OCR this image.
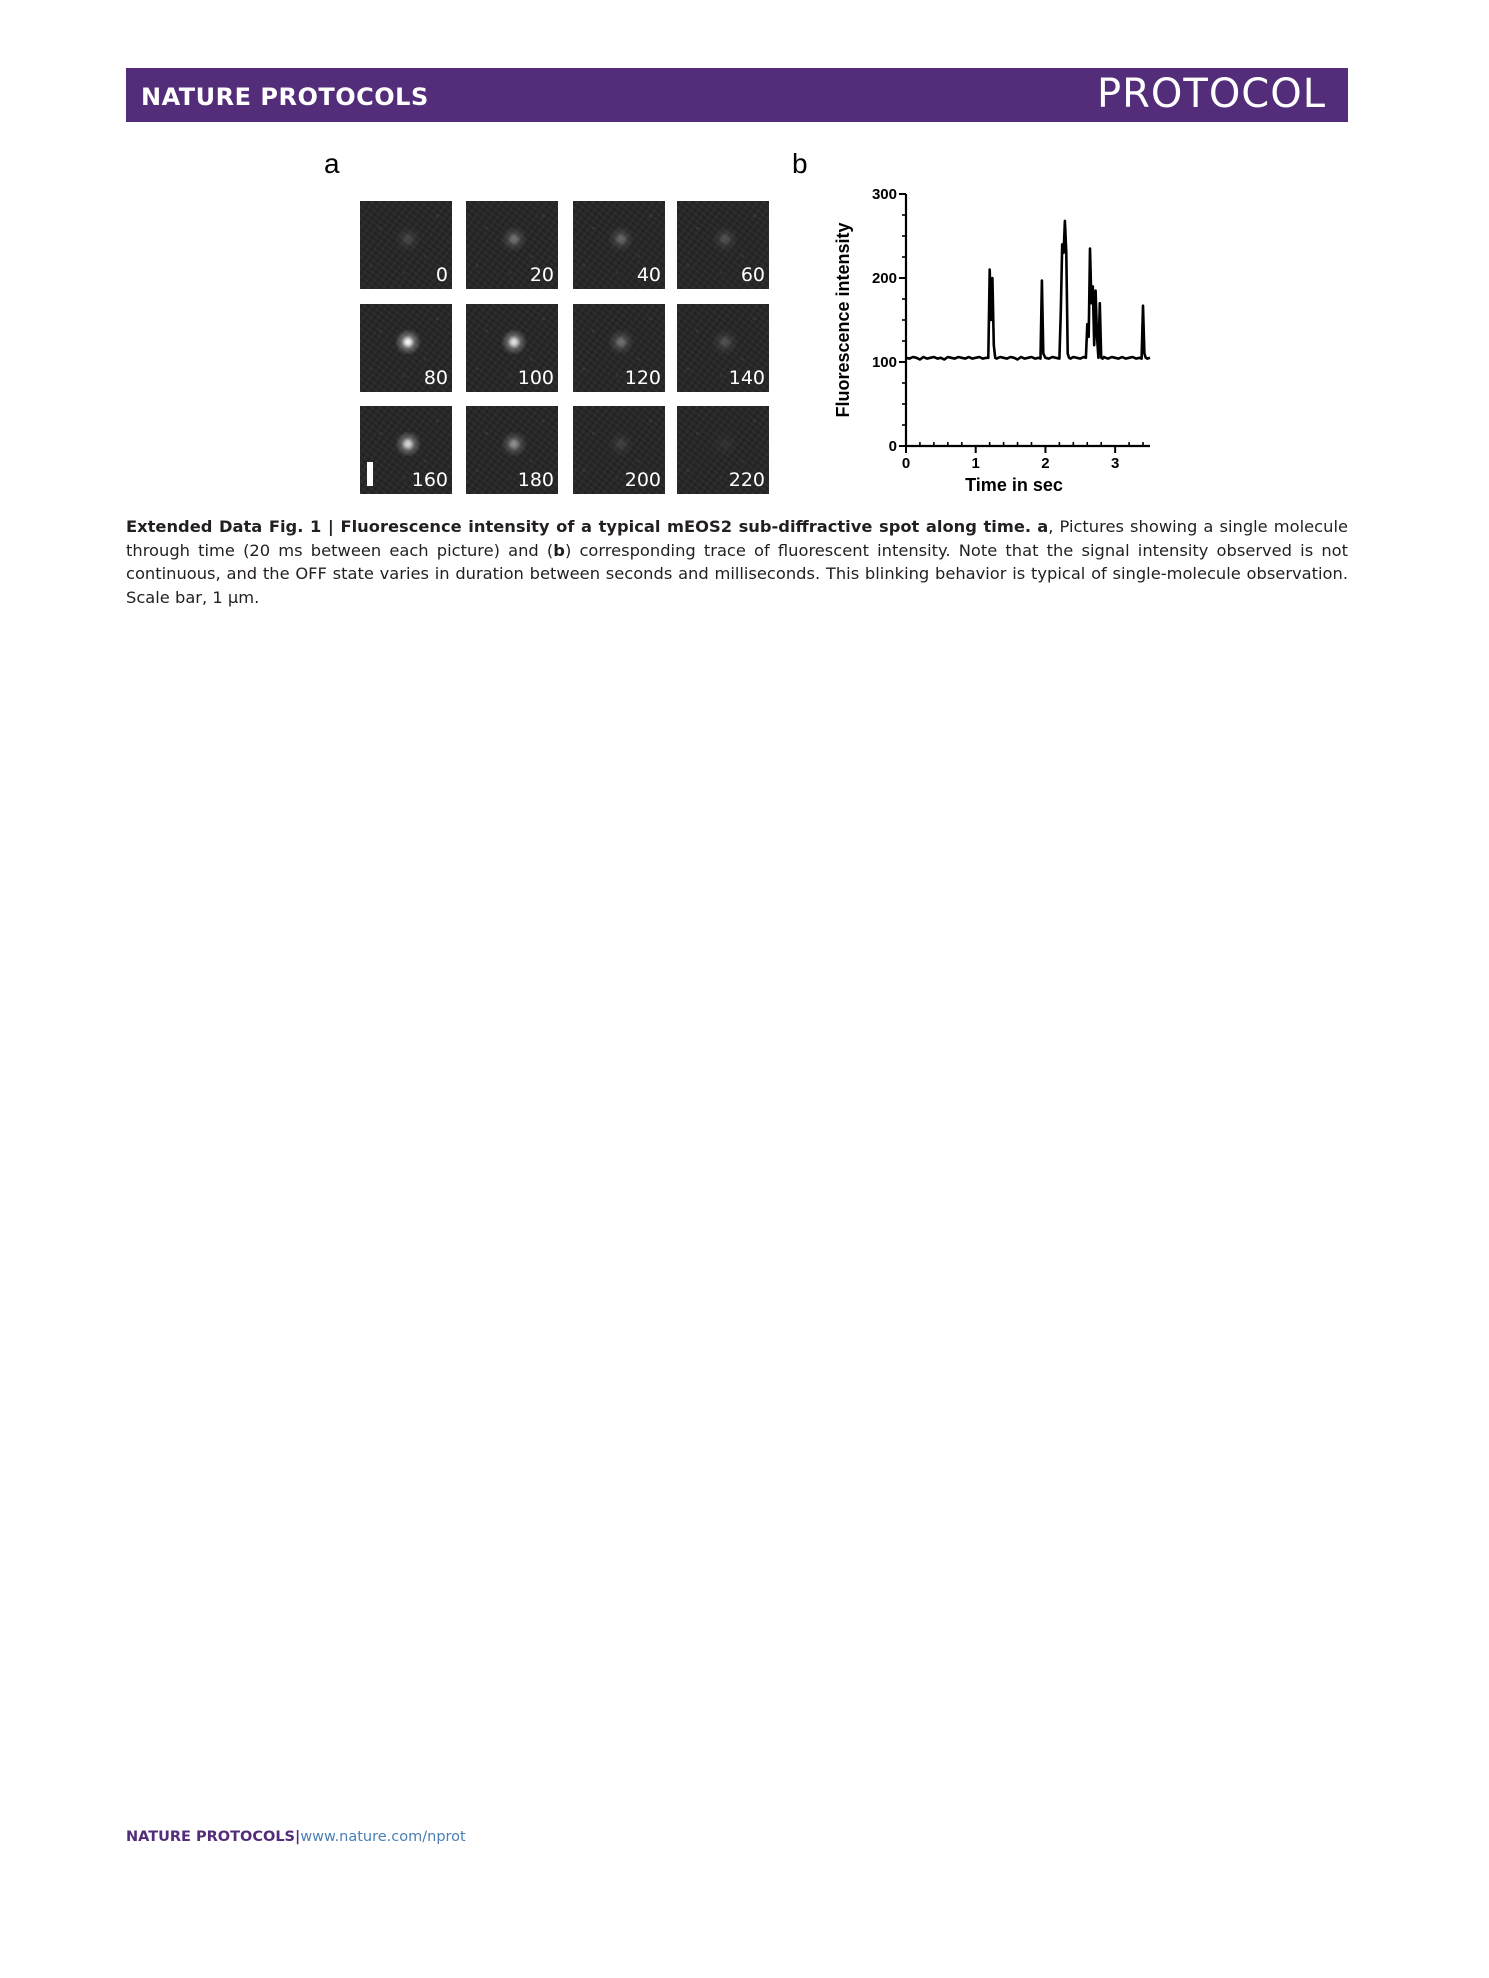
NATURE PROTOCOLS	PROTOCOL
a	b
0	20	40	60
80	100	120	140
160	180	200	220
0
100
200
300
0	1	2	3
Time in sec
Fluorescence intensity
Extended Data Fig. 1 | Fluorescence intensity of a typical mEOS2 sub-diffractive spot along time. a, Pictures showing a single molecule through time (20 ms between each picture) and (b) corresponding trace of fluorescent intensity. Note that the signal intensity observed is not continuous, and the OFF state varies in duration between seconds and milliseconds. This blinking behavior is typical of single-molecule observation. Scale bar, 1 μm.
NATURE PROTOCOLS|www.nature.com/nprot
